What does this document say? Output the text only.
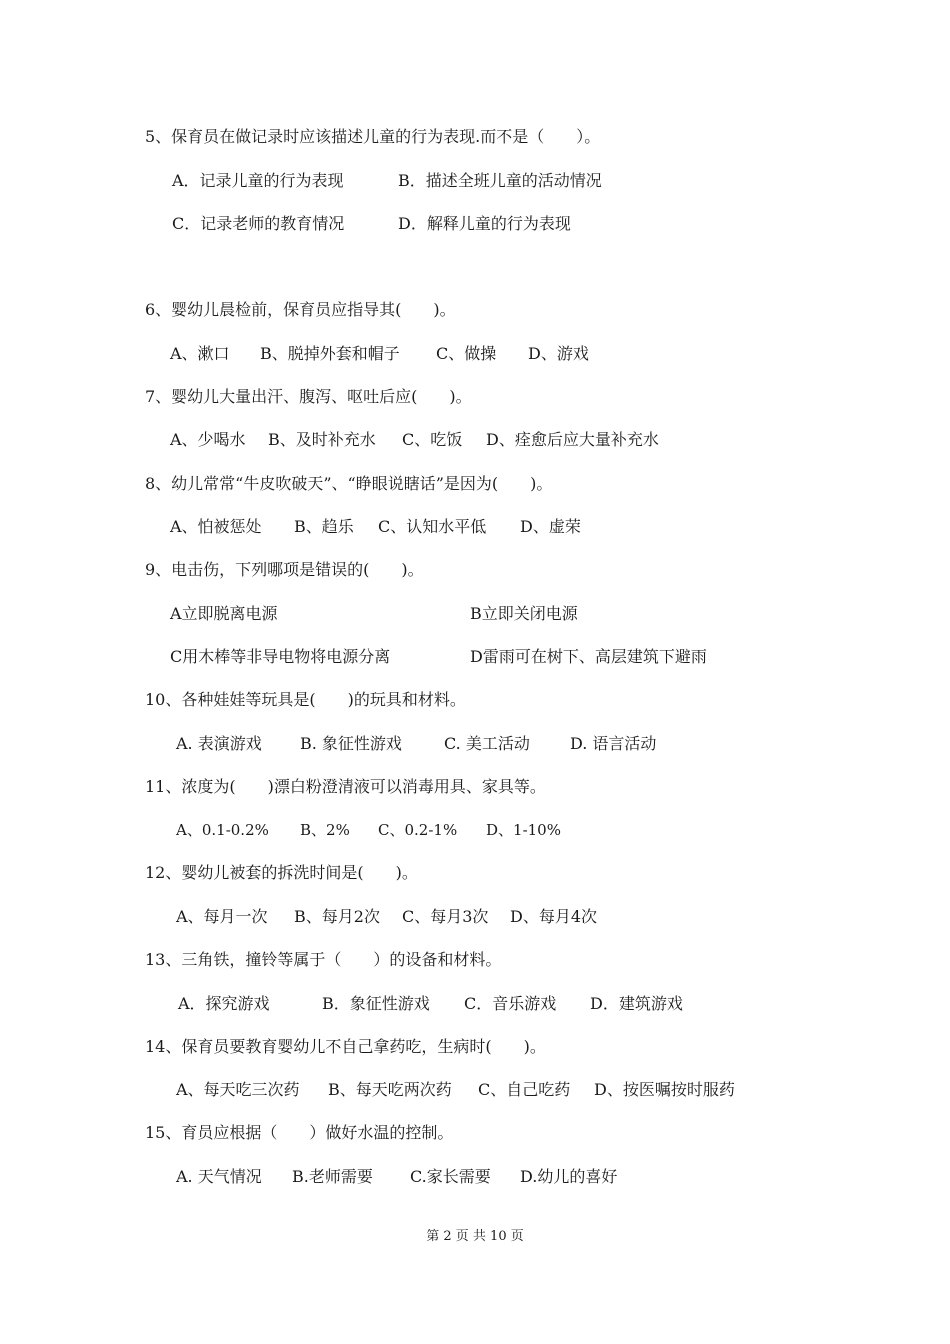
5、保育员在做记录时应该描述儿童的行为表现.而不是（　　）。
A．记录儿童的行为表现	B．描述全班儿童的活动情况
C．记录老师的教育情况	D．解释儿童的行为表现
6、婴幼儿晨检前，保育员应指导其(　　)。
A、漱口 B、脱掉外套和帽子 C、做操 D、游戏
7、婴幼儿大量出汗、腹泻、呕吐后应(　　)。
A、少喝水 B、及时补充水 C、吃饭 D、痊愈后应大量补充水
8、幼儿常常“牛皮吹破天”、“睁眼说瞎话”是因为(　　)。
A、怕被惩处 B、趋乐 C、认知水平低 D、虚荣
9、电击伤，下列哪项是错误的(　　)。
A立即脱离电源	B立即关闭电源
C用木棒等非导电物将电源分离	D雷雨可在树下、高层建筑下避雨
10、各种娃娃等玩具是(　　)的玩具和材料。
A. 表演游戏 B. 象征性游戏	C. 美工活动	D. 语言活动
11、浓度为(　　)漂白粉澄清液可以消毒用具、家具等。
A、0.1-0.2% B、2% C、0.2-1% D、1-10%
12、婴幼儿被套的拆洗时间是(　　)。
A、每月一次 B、每月2次 C、每月3次 D、每月4次
13、三角铁，撞铃等属于（　　）的设备和材料。
A．探究游戏	B．象征性游戏 C．音乐游戏 D．建筑游戏
14、保育员要教育婴幼儿不自己拿药吃，生病时(　　)。
A、每天吃三次药 B、每天吃两次药 C、自己吃药 D、按医嘱按时服药
15、育员应根据（　　）做好水温的控制。
A. 天气情况 B.老师需要 C.家长需要 D.幼儿的喜好
第 2 页 共 10 页
